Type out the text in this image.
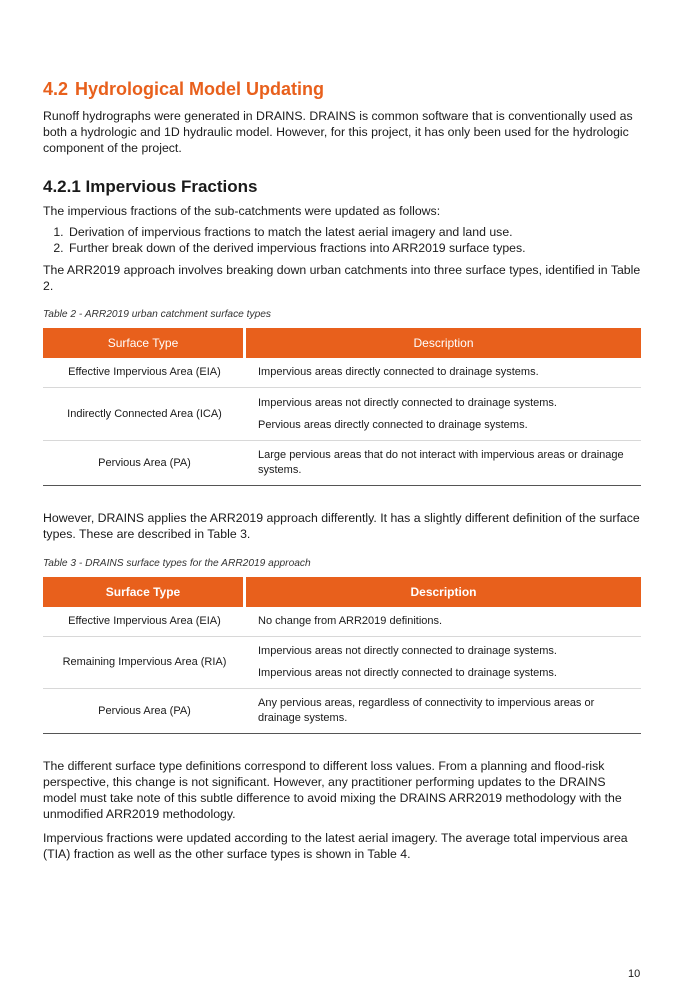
4.2 Hydrological Model Updating

Runoff hydrographs were generated in DRAINS. DRAINS is common software that is conventionally used as both a hydrologic and 1D hydraulic model. However, for this project, it has only been used for the hydrologic component of the project.

4.2.1 Impervious Fractions

The impervious fractions of the sub-catchments were updated as follows:

1. Derivation of impervious fractions to match the latest aerial imagery and land use.
2. Further break down of the derived impervious fractions into ARR2019 surface types.

The ARR2019 approach involves breaking down urban catchments into three surface types, identified in Table 2.

Table 2 - ARR2019 urban catchment surface types
Surface Type	Description
Effective Impervious Area (EIA)	Impervious areas directly connected to drainage systems.

Indirectly Connected Area (ICA)	Impervious areas not directly connected to drainage systems.
Pervious areas directly connected to drainage systems.

Pervious Area (PA)	Large pervious areas that do not interact with impervious areas or drainage systems.

However, DRAINS applies the ARR2019 approach differently. It has a slightly different definition of the surface types. These are described in Table 3.

Table 3 - DRAINS surface types for the ARR2019 approach
Surface Type	Description
Effective Impervious Area (EIA)	No change from ARR2019 definitions.

Remaining Impervious Area (RIA)	Impervious areas not directly connected to drainage systems.
Impervious areas not directly connected to drainage systems.

Pervious Area (PA)	Any pervious areas, regardless of connectivity to impervious areas or drainage systems.

The different surface type definitions correspond to different loss values. From a planning and flood-risk perspective, this change is not significant. However, any practitioner performing updates to the DRAINS model must take note of this subtle difference to avoid mixing the DRAINS ARR2019 methodology with the unmodified ARR2019 methodology.

Impervious fractions were updated according to the latest aerial imagery. The average total impervious area (TIA) fraction as well as the other surface types is shown in Table 4.

10
